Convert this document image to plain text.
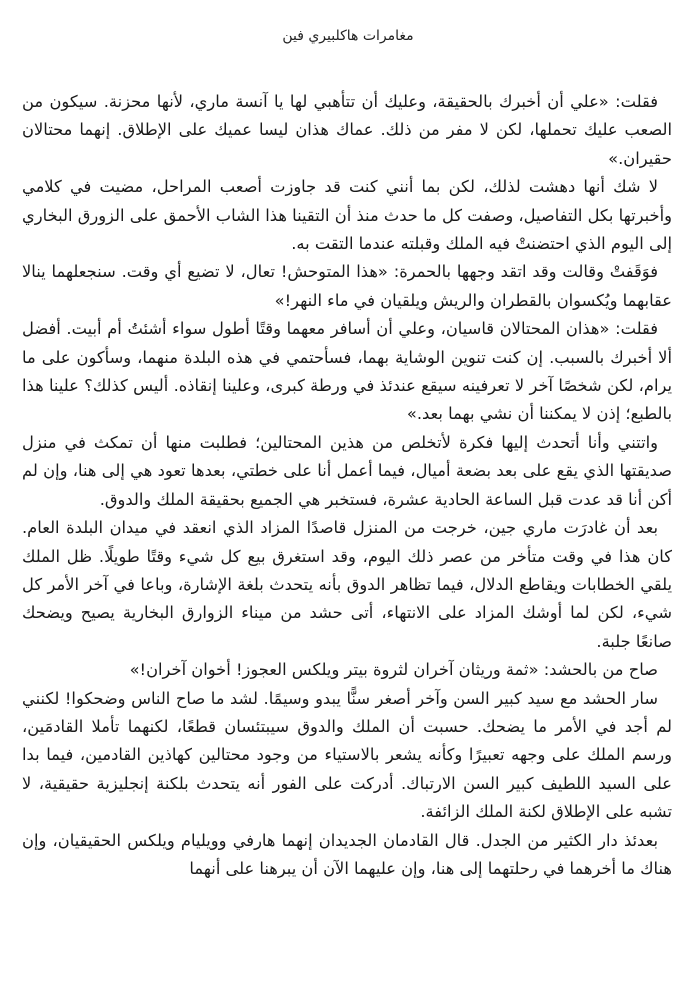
مغامرات هاكلبيري فين

فقلت: «علي أن أخبرك بالحقيقة، وعليك أن تتأهبي لها يا آنسة ماري، لأنها محزنة. سيكون من الصعب عليك تحملها، لكن لا مفر من ذلك. عماك هذان ليسا عميك على الإطلاق. إنهما محتالان حقيران.»

لا شك أنها دهشت لذلك، لكن بما أنني كنت قد جاوزت أصعب المراحل، مضيت في كلامي وأخبرتها بكل التفاصيل، وصفت كل ما حدث منذ أن التقينا هذا الشاب الأحمق على الزورق البخاري إلى اليوم الذي احتضنتْ فيه الملك وقبلته عندما التقت به.

فوَقَفتْ وقالت وقد اتقد وجهها بالحمرة: «هذا المتوحش! تعال، لا تضيع أي وقت. سنجعلهما ينالا عقابهما ويُكسوان بالقطران والريش ويلقيان في ماء النهر!»

فقلت: «هذان المحتالان قاسيان، وعلي أن أسافر معهما وقتًا أطول سواء أشئتُ أم أبيت. أفضل ألا أخبرك بالسبب. إن كنت تنوين الوشاية بهما، فسأحتمي في هذه البلدة منهما، وسأكون على ما يرام، لكن شخصًا آخر لا تعرفينه سيقع عندئذ في ورطة كبرى، وعلينا إنقاذه. أليس كذلك؟ علينا هذا بالطبع؛ إذن لا يمكننا أن نشي بهما بعد.»

واتتني وأنا أتحدث إليها فكرة لأتخلص من هذين المحتالين؛ فطلبت منها أن تمكث في منزل صديقتها الذي يقع على بعد بضعة أميال، فيما أعمل أنا على خطتي، بعدها تعود هي إلى هنا، وإن لم أكن أنا قد عدت قبل الساعة الحادية عشرة، فستخبر هي الجميع بحقيقة الملك والدوق.

بعد أن غادرَت ماري جين، خرجت من المنزل قاصدًا المزاد الذي انعقد في ميدان البلدة العام. كان هذا في وقت متأخر من عصر ذلك اليوم، وقد استغرق بيع كل شيء وقتًا طويلًا. ظل الملك يلقي الخطابات ويقاطع الدلال، فيما تظاهر الدوق بأنه يتحدث بلغة الإشارة، وباعا في آخر الأمر كل شيء، لكن لما أوشك المزاد على الانتهاء، أتى حشد من ميناء الزوارق البخارية يصيح ويضحك صانعًا جلبة.

صاح من بالحشد: «ثمة وريثان آخران لثروة بيتر ويلكس العجوز! أخوان آخران!»

سار الحشد مع سيد كبير السن وآخر أصغر سنًّا يبدو وسيمًا. لشد ما صاح الناس وضحكوا! لكنني لم أجد في الأمر ما يضحك. حسبت أن الملك والدوق سيبتئسان قطعًا، لكنهما تأملا القادمَين، ورسم الملك على وجهه تعبيرًا وكأنه يشعر بالاستياء من وجود محتالين كهاذين القادمين، فيما بدا على السيد اللطيف كبير السن الارتباك. أدركت على الفور أنه يتحدث بلكنة إنجليزية حقيقية، لا تشبه على الإطلاق لكنة الملك الزائفة.

بعدئذ دار الكثير من الجدل. قال القادمان الجديدان إنهما هارفي وويليام ويلكس الحقيقيان، وإن هناك ما أخرهما في رحلتهما إلى هنا، وإن عليهما الآن أن يبرهنا على أنهما
